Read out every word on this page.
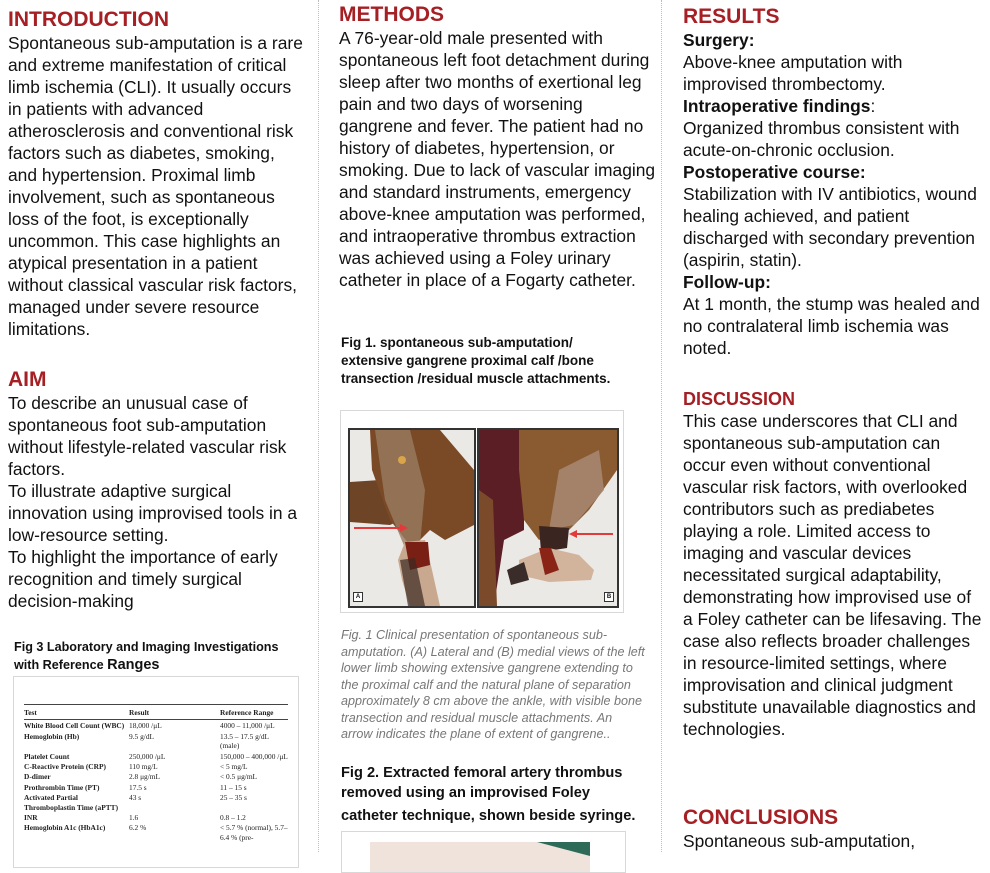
INTRODUCTION

Spontaneous sub-amputation is a rare and extreme manifestation of critical limb ischemia (CLI). It usually occurs in patients with advanced atherosclerosis and conventional risk factors such as diabetes, smoking, and hypertension. Proximal limb involvement, such as spontaneous loss of the foot, is exceptionally uncommon. This case highlights an atypical presentation in a patient without classical vascular risk factors, managed under severe resource limitations.

AIM

To describe an unusual case of spontaneous foot sub-amputation without lifestyle-related vascular risk factors.

To illustrate adaptive surgical innovation using improvised tools in a low-resource setting.

To highlight the importance of early recognition and timely surgical decision-making

Fig 3 Laboratory and Imaging Investigations with Reference Ranges
Test	Result	Reference Range
White Blood Cell Count (WBC)	18,000 /μL	4000 – 11,000 /μL
Hemoglobin (Hb)	9.5 g/dL	13.5 – 17.5 g/dL (male)
Platelet Count	250,000 /μL	150,000 – 400,000 /μL
C-Reactive Protein (CRP)	110 mg/L	< 5 mg/L
D-dimer	2.8 μg/mL	< 0.5 μg/mL
Prothrombin Time (PT)	17.5 s	11 – 15 s
Activated Partial Thromboplastin Time (aPTT)	43 s	25 – 35 s
INR	1.6	0.8 – 1.2
Hemoglobin A1c (HbA1c)	6.2 %	< 5.7 % (normal), 5.7–6.4 % (pre-
METHODS

A 76-year-old male presented with spontaneous left foot detachment during sleep after two months of exertional leg pain and two days of worsening gangrene and fever. The patient had no history of diabetes, hypertension, or smoking. Due to lack of vascular imaging and standard instruments, emergency above-knee amputation was performed, and intraoperative thrombus extraction was achieved using a Foley urinary catheter in place of a Fogarty catheter.

Fig 1. spontaneous sub-amputation/ extensive gangrene proximal calf /bone transection /residual muscle attachments.

A	B

Fig. 1 Clinical presentation of spontaneous sub-amputation. (A) Lateral and (B) medial views of the left lower limb showing extensive gangrene extending to the proximal calf and the natural plane of separation approximately 8 cm above the ankle, with visible bone transection and residual muscle attachments. An arrow indicates the plane of extent of gangrene..

Fig 2. Extracted femoral artery thrombus removed using an improvised Foley

catheter technique, shown beside syringe.

RESULTS

Surgery:

Above-knee amputation with improvised thrombectomy.

Intraoperative findings:

Organized thrombus consistent with acute-on-chronic occlusion.

Postoperative course:

Stabilization with IV antibiotics, wound healing achieved, and patient discharged with secondary prevention (aspirin, statin).

Follow-up:

At 1 month, the stump was healed and no contralateral limb ischemia was noted.

DISCUSSION

This case underscores that CLI and spontaneous sub-amputation can occur even without conventional vascular risk factors, with overlooked contributors such as prediabetes playing a role. Limited access to imaging and vascular devices necessitated surgical adaptability, demonstrating how improvised use of a Foley catheter can be lifesaving. The case also reflects broader challenges in resource-limited settings, where improvisation and clinical judgment substitute unavailable diagnostics and technologies.

CONCLUSIONS

Spontaneous sub-amputation,
